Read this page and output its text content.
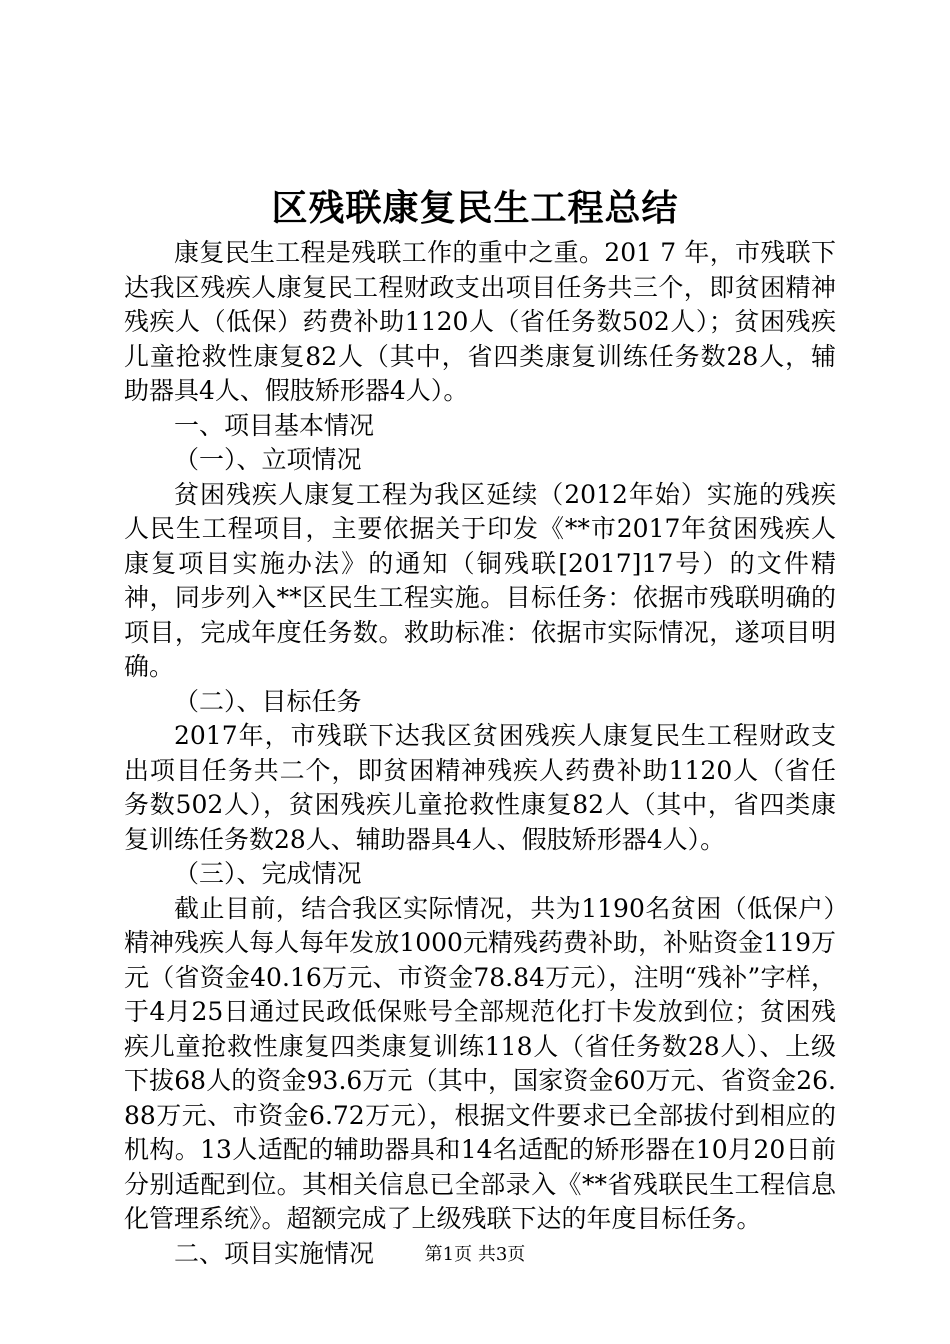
区残联康复民生工程总结

康复民生工程是残联工作的重中之重。201 7 年，市残联下达我区残疾人康复民工程财政支出项目任务共三个，即贫困精神残疾人（低保）药费补助1120人（省任务数502人）；贫困残疾儿童抢救性康复82人（其中，省四类康复训练任务数28人，辅助器具4人、假肢矫形器4人）。

一、项目基本情况

（一）、立项情况

贫困残疾人康复工程为我区延续（2012年始）实施的残疾人民生工程项目，主要依据关于印发《**市2017年贫困残疾人康复项目实施办法》的通知（铜残联[2017]17号）的文件精神，同步列入**区民生工程实施。目标任务：依据市残联明确的项目，完成年度任务数。救助标准：依据市实际情况，遂项目明确。

（二）、目标任务

2017年，市残联下达我区贫困残疾人康复民生工程财政支出项目任务共二个，即贫困精神残疾人药费补助1120人（省任务数502人），贫困残疾儿童抢救性康复82人（其中，省四类康复训练任务数28人、辅助器具4人、假肢矫形器4人）。

（三）、完成情况

截止目前，结合我区实际情况，共为1190名贫困（低保户）精神残疾人每人每年发放1000元精残药费补助，补贴资金119万元（省资金40.16万元、市资金78.84万元），注明“残补”字样，于4月25日通过民政低保账号全部规范化打卡发放到位；贫困残疾儿童抢救性康复四类康复训练118人（省任务数28人）、上级下拔68人的资金93.6万元（其中，国家资金60万元、省资金26.88万元、市资金6.72万元），根据文件要求已全部拔付到相应的机构。13人适配的辅助器具和14名适配的矫形器在10月20日前分别适配到位。其相关信息已全部录入《**省残联民生工程信息化管理系统》。超额完成了上级残联下达的年度目标任务。

二、项目实施情况	第1页 共3页
